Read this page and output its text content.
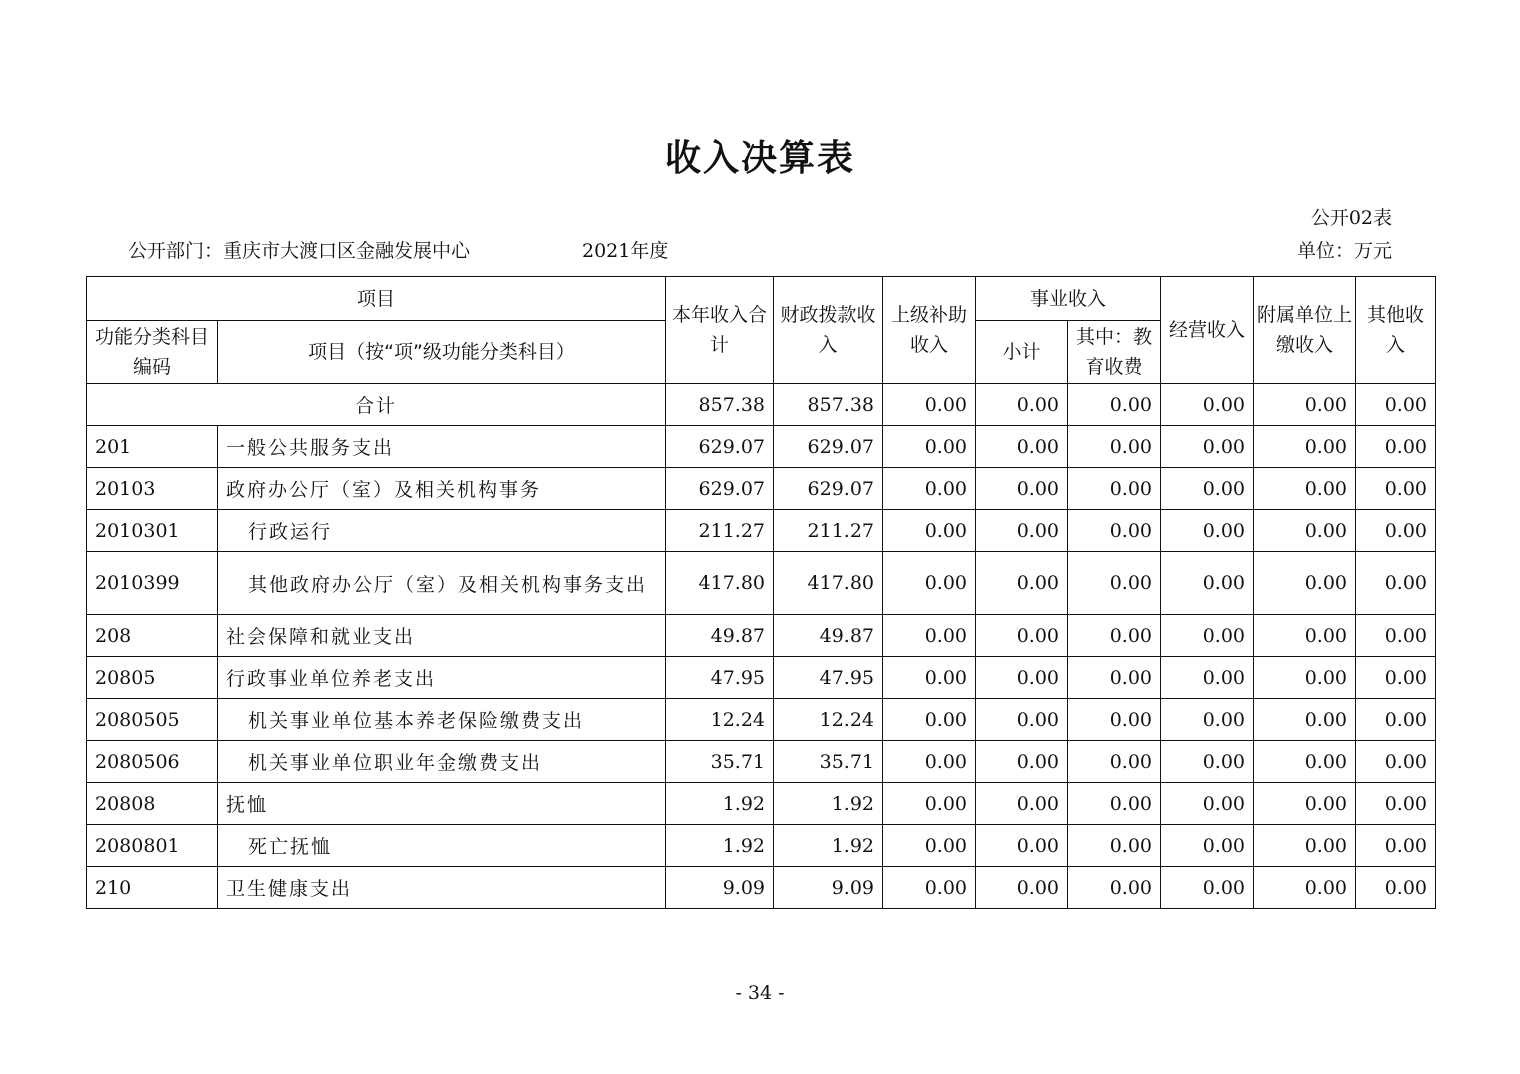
收入决算表
公开02表
公开部门：重庆市大渡口区金融发展中心	2021年度	单位：万元
项目		本年收入合计	财政拨款收入	上级补助收入	事业收入		经营收入	附属单位上缴收入	其他收入
功能分类科目编码	项目（按“项”级功能分类科目）				小计	其中：教育收费			
合计		857.38	857.38	0.00	0.00	0.00	0.00	0.00	0.00
201	一般公共服务支出	629.07	629.07	0.00	0.00	0.00	0.00	0.00	0.00
20103	政府办公厅（室）及相关机构事务	629.07	629.07	0.00	0.00	0.00	0.00	0.00	0.00
2010301	行政运行	211.27	211.27	0.00	0.00	0.00	0.00	0.00	0.00
2010399	其他政府办公厅（室）及相关机构事务支出	417.80	417.80	0.00	0.00	0.00	0.00	0.00	0.00
208	社会保障和就业支出	49.87	49.87	0.00	0.00	0.00	0.00	0.00	0.00
20805	行政事业单位养老支出	47.95	47.95	0.00	0.00	0.00	0.00	0.00	0.00
2080505	机关事业单位基本养老保险缴费支出	12.24	12.24	0.00	0.00	0.00	0.00	0.00	0.00
2080506	机关事业单位职业年金缴费支出	35.71	35.71	0.00	0.00	0.00	0.00	0.00	0.00
20808	抚恤	1.92	1.92	0.00	0.00	0.00	0.00	0.00	0.00
2080801	死亡抚恤	1.92	1.92	0.00	0.00	0.00	0.00	0.00	0.00
210	卫生健康支出	9.09	9.09	0.00	0.00	0.00	0.00	0.00	0.00
- 34 -
